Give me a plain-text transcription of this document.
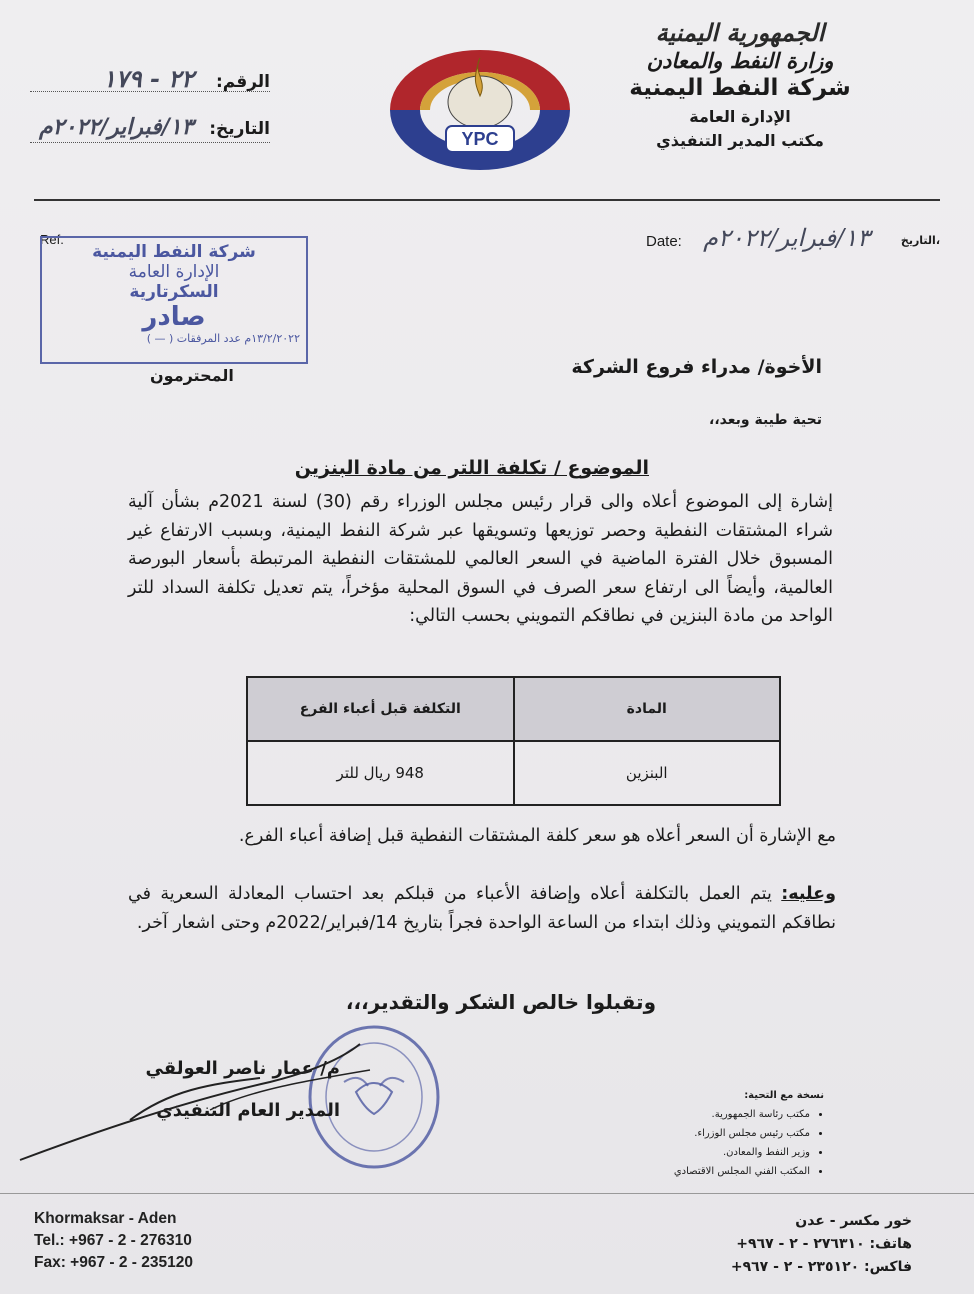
الجمهورية اليمنية
وزارة النفط والمعادن
شركة النفط اليمنية
الإدارة العامة
مكتب المدير التنفيذي
YPC
الرقم: ٢٢ - ١٧٩
التاريخ: ١٣/فبراير/٢٠٢٢م
التاريخ،
١٣/فبراير/٢٠٢٢م
Date:
Ref.
شركة النفط اليمنية
الإدارة العامة
السكرتارية
صادر
١٣/٢/٢٠٢٢م عدد المرفقات ( — )
المحترمون	الأخوة/ مدراء فروع الشركة
تحية طيبة وبعد،،
الموضوع / تكلفة اللتر من مادة البنزين
إشارة إلى الموضوع أعلاه والى قرار رئيس مجلس الوزراء رقم (30) لسنة 2021م بشأن آلية شراء المشتقات النفطية وحصر توزيعها وتسويقها عبر شركة النفط اليمنية، وبسبب الارتفاع غير المسبوق خلال الفترة الماضية في السعر العالمي للمشتقات النفطية المرتبطة بأسعار البورصة العالمية، وأيضاً الى ارتفاع سعر الصرف في السوق المحلية مؤخراً، يتم تعديل تكلفة السداد للتر الواحد من مادة البنزين في نطاقكم التمويني بحسب التالي:
المادة	التكلفة قبل أعباء الفرع
البنزين	948 ريال للتر
مع الإشارة أن السعر أعلاه هو سعر كلفة المشتقات النفطية قبل إضافة أعباء الفرع.
وعليه: يتم العمل بالتكلفة أعلاه وإضافة الأعباء من قبلكم بعد احتساب المعادلة السعرية في نطاقكم التمويني وذلك ابتداء من الساعة الواحدة فجراً بتاريخ 14/فبراير/2022م وحتى اشعار آخر.
وتقبلوا خالص الشكر والتقدير،،،
م/ عمار ناصر العولقي
المدير العام التنفيذي
نسخة مع التحية:
• مكتب رئاسة الجمهورية.
• مكتب رئيس مجلس الوزراء.
• وزير النفط والمعادن.
• المكتب الفني المجلس الاقتصادي
Khormaksar - Aden
Tel.: +967 - 2 - 276310
Fax: +967 - 2 - 235120
خور مكسر - عدن
هاتف: ٢٧٦٣١٠ - ٢ - ٩٦٧+
فاكس: ٢٣٥١٢٠ - ٢ - ٩٦٧+
